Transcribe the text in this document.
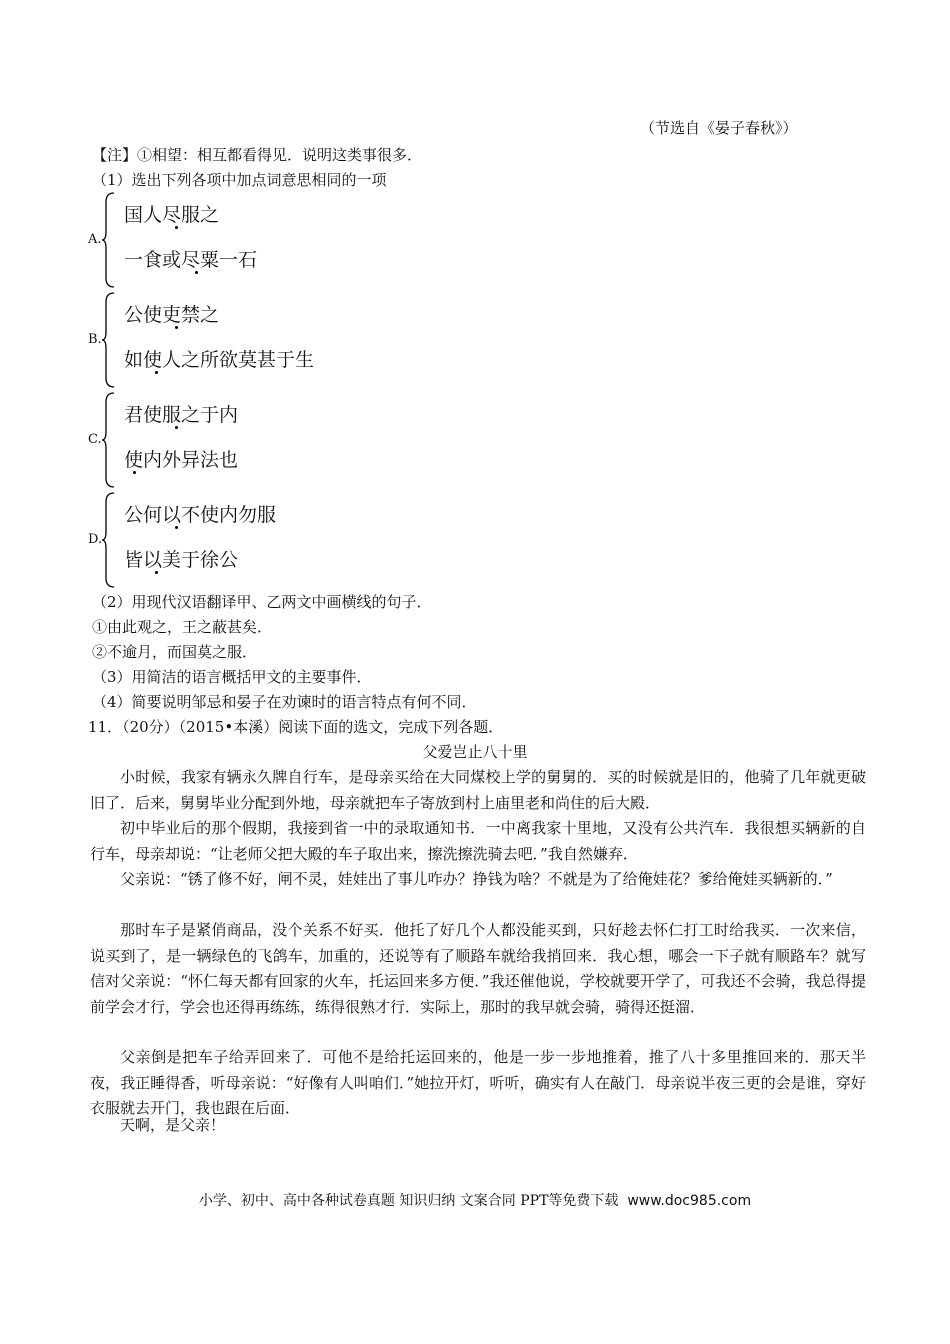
（节选自《晏子春秋》）
【注】①相望：相互都看得见．说明这类事很多．
（1）选出下列各项中加点词意思相同的一项
A.
国人尽服之
一食或尽粟一石
B.
公使吏禁之
如使人之所欲莫甚于生
C.
君使服之于内
使内外异法也
D.
公何以不使内勿服
皆以美于徐公
（2）用现代汉语翻译甲、乙两文中画横线的句子．
①由此观之，王之蔽甚矣．
②不逾月，而国莫之服．
（3）用简洁的语言概括甲文的主要事件．
（4）简要说明邹忌和晏子在劝谏时的语言特点有何不同．
11．（20分）（2015•本溪）阅读下面的选文，完成下列各题．
父爱岂止八十里
小时候，我家有辆永久牌自行车，是母亲买给在大同煤校上学的舅舅的．买的时候就是旧的，他骑了几年就更破旧了．后来，舅舅毕业分配到外地，母亲就把车子寄放到村上庙里老和尚住的后大殿．
初中毕业后的那个假期，我接到省一中的录取通知书．一中离我家十里地，又没有公共汽车．我很想买辆新的自行车，母亲却说：“让老师父把大殿的车子取出来，擦洗擦洗骑去吧．”我自然嫌弃．
父亲说：“锈了修不好，闸不灵，娃娃出了事儿咋办？挣钱为啥？不就是为了给俺娃花？爹给俺娃买辆新的．”
那时车子是紧俏商品，没个关系不好买．他托了好几个人都没能买到，只好趁去怀仁打工时给我买．一次来信，说买到了，是一辆绿色的飞鸽车，加重的，还说等有了顺路车就给我捎回来．我心想，哪会一下子就有顺路车？就写信对父亲说：“怀仁每天都有回家的火车，托运回来多方便．”我还催他说，学校就要开学了，可我还不会骑，我总得提前学会才行，学会也还得再练练，练得很熟才行．实际上，那时的我早就会骑，骑得还挺溜．
父亲倒是把车子给弄回来了．可他不是给托运回来的，他是一步一步地推着，推了八十多里推回来的．那天半夜，我正睡得香，听母亲说：“好像有人叫咱们．”她拉开灯，听听，确实有人在敲门．母亲说半夜三更的会是谁，穿好衣服就去开门，我也跟在后面．
天啊，是父亲！
小学、初中、高中各种试卷真题 知识归纳 文案合同 PPT等免费下载 www.doc985.com
